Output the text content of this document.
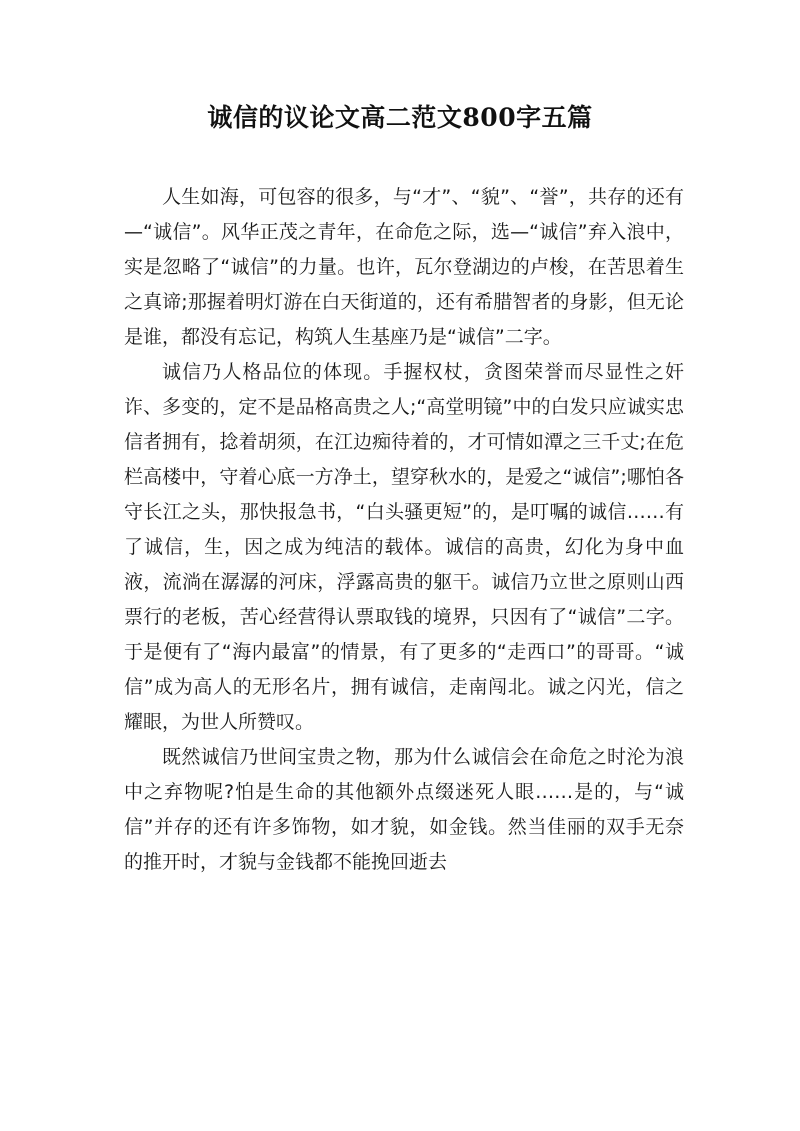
诚信的议论文高二范文800字五篇

人生如海，可包容的很多，与“才”、“貌”、“誉”，共存的还有—“诚信”。风华正茂之青年，在命危之际，选—“诚信”弃入浪中，实是忽略了“诚信”的力量。也许，瓦尔登湖边的卢梭，在苦思着生之真谛;那握着明灯游在白天街道的，还有希腊智者的身影，但无论是谁，都没有忘记，构筑人生基座乃是“诚信”二字。

诚信乃人格品位的体现。手握权杖，贪图荣誉而尽显性之奸诈、多变的，定不是品格高贵之人;“高堂明镜”中的白发只应诚实忠信者拥有，捻着胡须，在江边痴待着的，才可情如潭之三千丈;在危栏高楼中，守着心底一方净土，望穿秋水的，是爱之“诚信”;哪怕各守长江之头，那快报急书，“白头骚更短”的，是叮嘱的诚信……有了诚信，生，因之成为纯洁的载体。诚信的高贵，幻化为身中血液，流淌在潺潺的河床，浮露高贵的躯干。诚信乃立世之原则山西票行的老板，苦心经营得认票取钱的境界，只因有了“诚信”二字。于是便有了“海内最富”的情景，有了更多的“走西口”的哥哥。“诚信”成为高人的无形名片，拥有诚信，走南闯北。诚之闪光，信之耀眼，为世人所赞叹。

既然诚信乃世间宝贵之物，那为什么诚信会在命危之时沦为浪中之弃物呢?怕是生命的其他额外点缀迷死人眼……是的，与“诚信”并存的还有许多饰物，如才貌，如金钱。然当佳丽的双手无奈的推开时，才貌与金钱都不能挽回逝去
